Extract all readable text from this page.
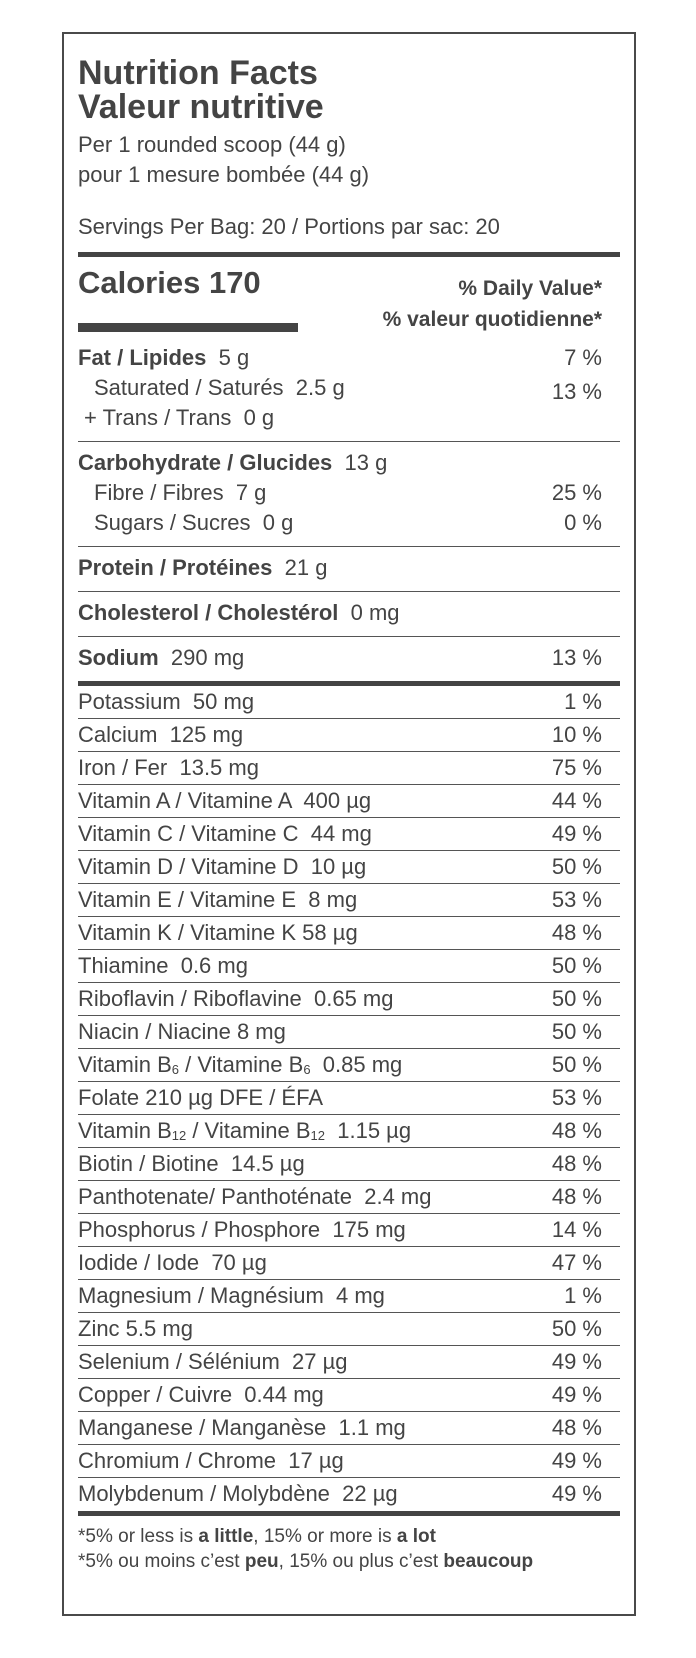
Nutrition Facts
Valeur nutritive
Per 1 rounded scoop (44 g)
pour 1 mesure bombée (44 g)
Servings Per Bag: 20 / Portions par sac: 20
Calories 170	% Daily Value*
% valeur quotidienne*
Fat / Lipides 5 g	7 %
Saturated / Saturés 2.5 g	13 %
+ Trans / Trans 0 g
Carbohydrate / Glucides 13 g
Fibre / Fibres 7 g	25 %
Sugars / Sucres 0 g	0 %
Protein / Protéines 21 g
Cholesterol / Cholestérol 0 mg
Sodium 290 mg	13 %
Potassium  50 mg	1 %
Calcium  125 mg	10 %
Iron / Fer  13.5 mg	75 %
Vitamin A / Vitamine A  400 µg	44 %
Vitamin C / Vitamine C  44 mg	49 %
Vitamin D / Vitamine D  10 µg	50 %
Vitamin E / Vitamine E  8 mg	53 %
Vitamin K / Vitamine K 58 µg	48 %
Thiamine  0.6 mg	50 %
Riboflavin / Riboflavine  0.65 mg	50 %
Niacin / Niacine 8 mg	50 %
Vitamin B6 / Vitamine B6  0.85 mg	50 %
Folate 210 µg DFE / ÉFA	53 %
Vitamin B12 / Vitamine B12  1.15 µg	48 %
Biotin / Biotine  14.5 µg	48 %
Panthotenate/ Panthoténate  2.4 mg	48 %
Phosphorus / Phosphore  175 mg	14 %
Iodide / Iode  70 µg	47 %
Magnesium / Magnésium  4 mg	1 %
Zinc 5.5 mg	50 %
Selenium / Sélénium  27 µg	49 %
Copper / Cuivre  0.44 mg	49 %
Manganese / Manganèse  1.1 mg	48 %
Chromium / Chrome  17 µg	49 %
Molybdenum / Molybdène  22 µg	49 %
*5% or less is a little, 15% or more is a lot
*5% ou moins c’est peu, 15% ou plus c’est beaucoup
